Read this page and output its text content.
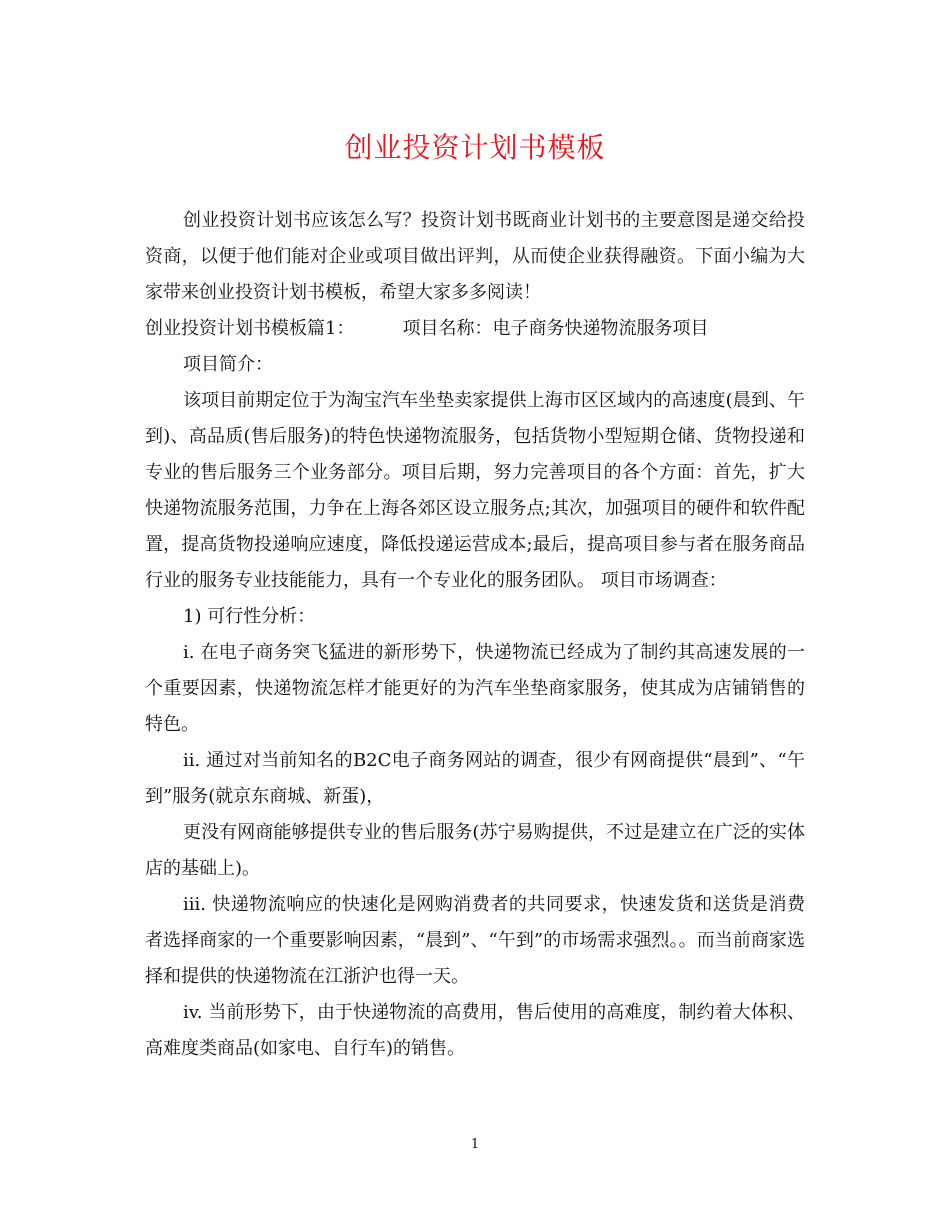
创业投资计划书模板

创业投资计划书应该怎么写？投资计划书既商业计划书的主要意图是递交给投资商，以便于他们能对企业或项目做出评判，从而使企业获得融资。下面小编为大家带来创业投资计划书模板，希望大家多多阅读！

创业投资计划书模板篇1：	项目名称：电子商务快递物流服务项目

项目简介：

该项目前期定位于为淘宝汽车坐垫卖家提供上海市区区域内的高速度(晨到、午到)、高品质(售后服务)的特色快递物流服务，包括货物小型短期仓储、货物投递和专业的售后服务三个业务部分。项目后期，努力完善项目的各个方面：首先，扩大快递物流服务范围，力争在上海各郊区设立服务点;其次，加强项目的硬件和软件配置，提高货物投递响应速度，降低投递运营成本;最后，提高项目参与者在服务商品行业的服务专业技能能力，具有一个专业化的服务团队。 项目市场调查：

1) 可行性分析：

i. 在电子商务突飞猛进的新形势下，快递物流已经成为了制约其高速发展的一个重要因素，快递物流怎样才能更好的为汽车坐垫商家服务，使其成为店铺销售的特色。

ii. 通过对当前知名的B2C电子商务网站的调查，很少有网商提供“晨到”、“午到”服务(就京东商城、新蛋)，

更没有网商能够提供专业的售后服务(苏宁易购提供，不过是建立在广泛的实体店的基础上)。

iii. 快递物流响应的快速化是网购消费者的共同要求，快速发货和送货是消费者选择商家的一个重要影响因素，“晨到”、“午到”的市场需求强烈。。而当前商家选择和提供的快递物流在江浙沪也得一天。

iv. 当前形势下，由于快递物流的高费用，售后使用的高难度，制约着大体积、高难度类商品(如家电、自行车)的销售。

1
